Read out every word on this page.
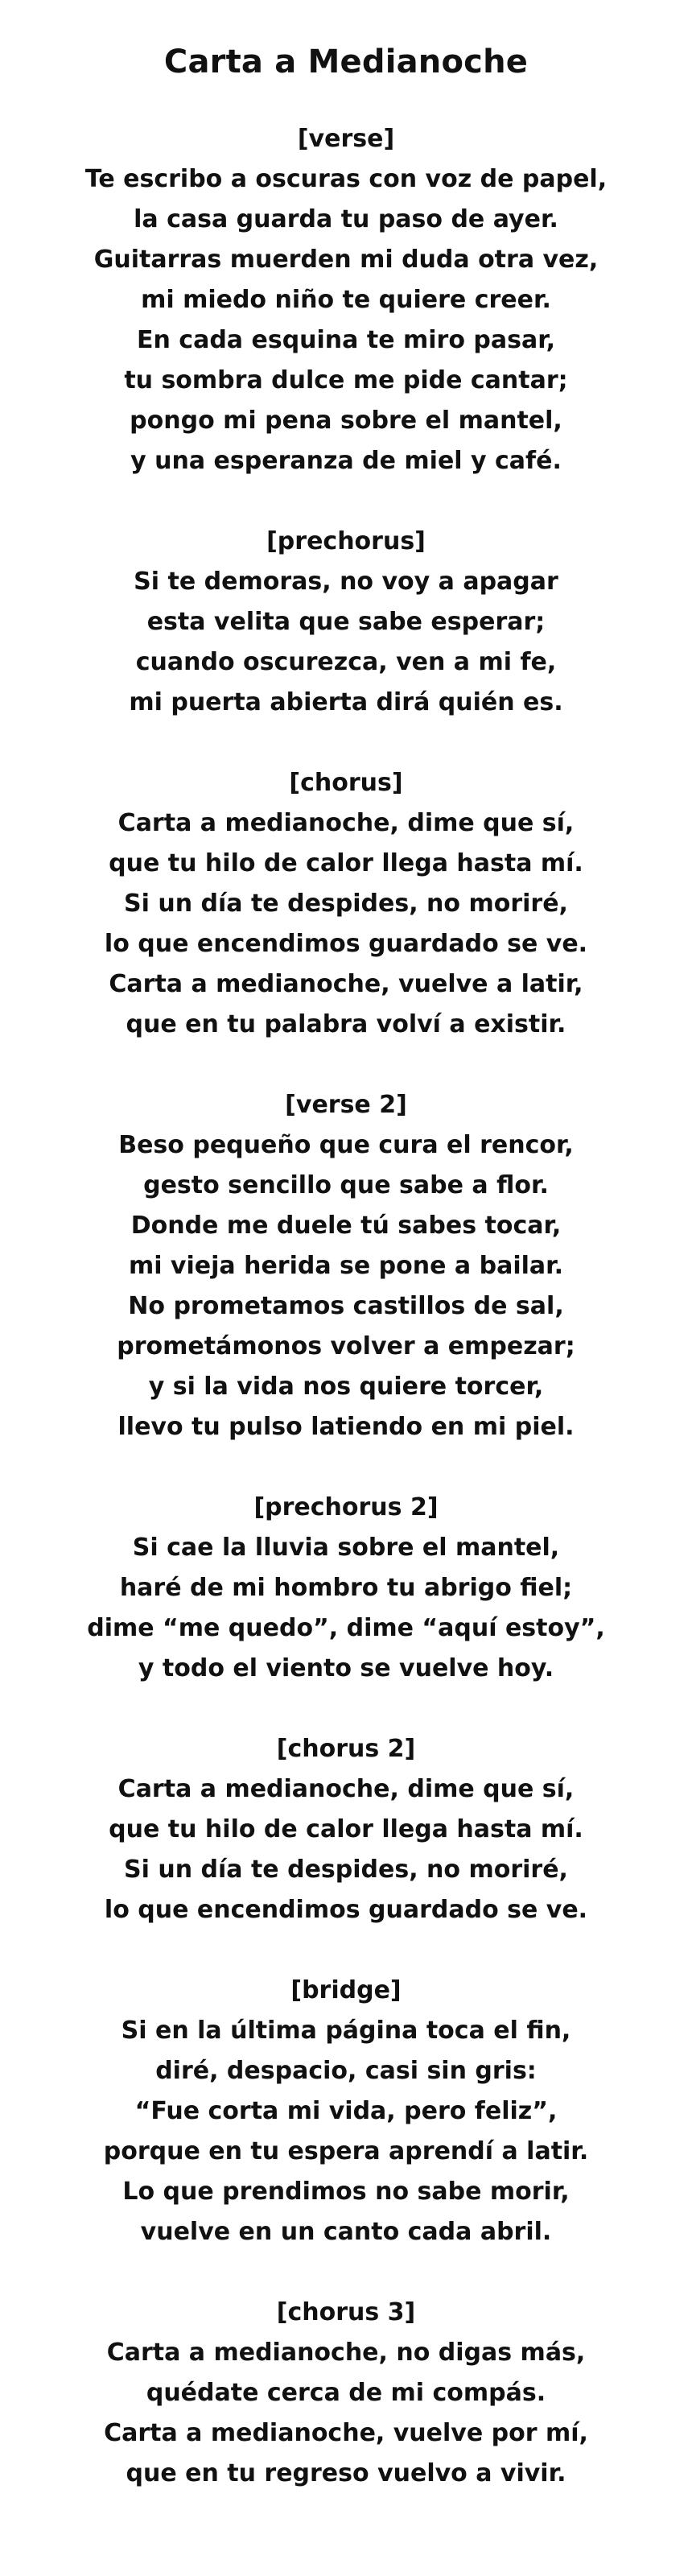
Carta a Medianoche

[verse]

Te escribo a oscuras con voz de papel,

la casa guarda tu paso de ayer.

Guitarras muerden mi duda otra vez,

mi miedo niño te quiere creer.

En cada esquina te miro pasar,

tu sombra dulce me pide cantar;

pongo mi pena sobre el mantel,

y una esperanza de miel y café.

[prechorus]

Si te demoras, no voy a apagar

esta velita que sabe esperar;

cuando oscurezca, ven a mi fe,

mi puerta abierta dirá quién es.

[chorus]

Carta a medianoche, dime que sí,

que tu hilo de calor llega hasta mí.

Si un día te despides, no moriré,

lo que encendimos guardado se ve.

Carta a medianoche, vuelve a latir,

que en tu palabra volví a existir.

[verse 2]

Beso pequeño que cura el rencor,

gesto sencillo que sabe a flor.

Donde me duele tú sabes tocar,

mi vieja herida se pone a bailar.

No prometamos castillos de sal,

prometámonos volver a empezar;

y si la vida nos quiere torcer,

llevo tu pulso latiendo en mi piel.

[prechorus 2]

Si cae la lluvia sobre el mantel,

haré de mi hombro tu abrigo fiel;

dime “me quedo”, dime “aquí estoy”,

y todo el viento se vuelve hoy.

[chorus 2]

Carta a medianoche, dime que sí,

que tu hilo de calor llega hasta mí.

Si un día te despides, no moriré,

lo que encendimos guardado se ve.

[bridge]

Si en la última página toca el fin,

diré, despacio, casi sin gris:

“Fue corta mi vida, pero feliz”,

porque en tu espera aprendí a latir.

Lo que prendimos no sabe morir,

vuelve en un canto cada abril.

[chorus 3]

Carta a medianoche, no digas más,

quédate cerca de mi compás.

Carta a medianoche, vuelve por mí,

que en tu regreso vuelvo a vivir.
